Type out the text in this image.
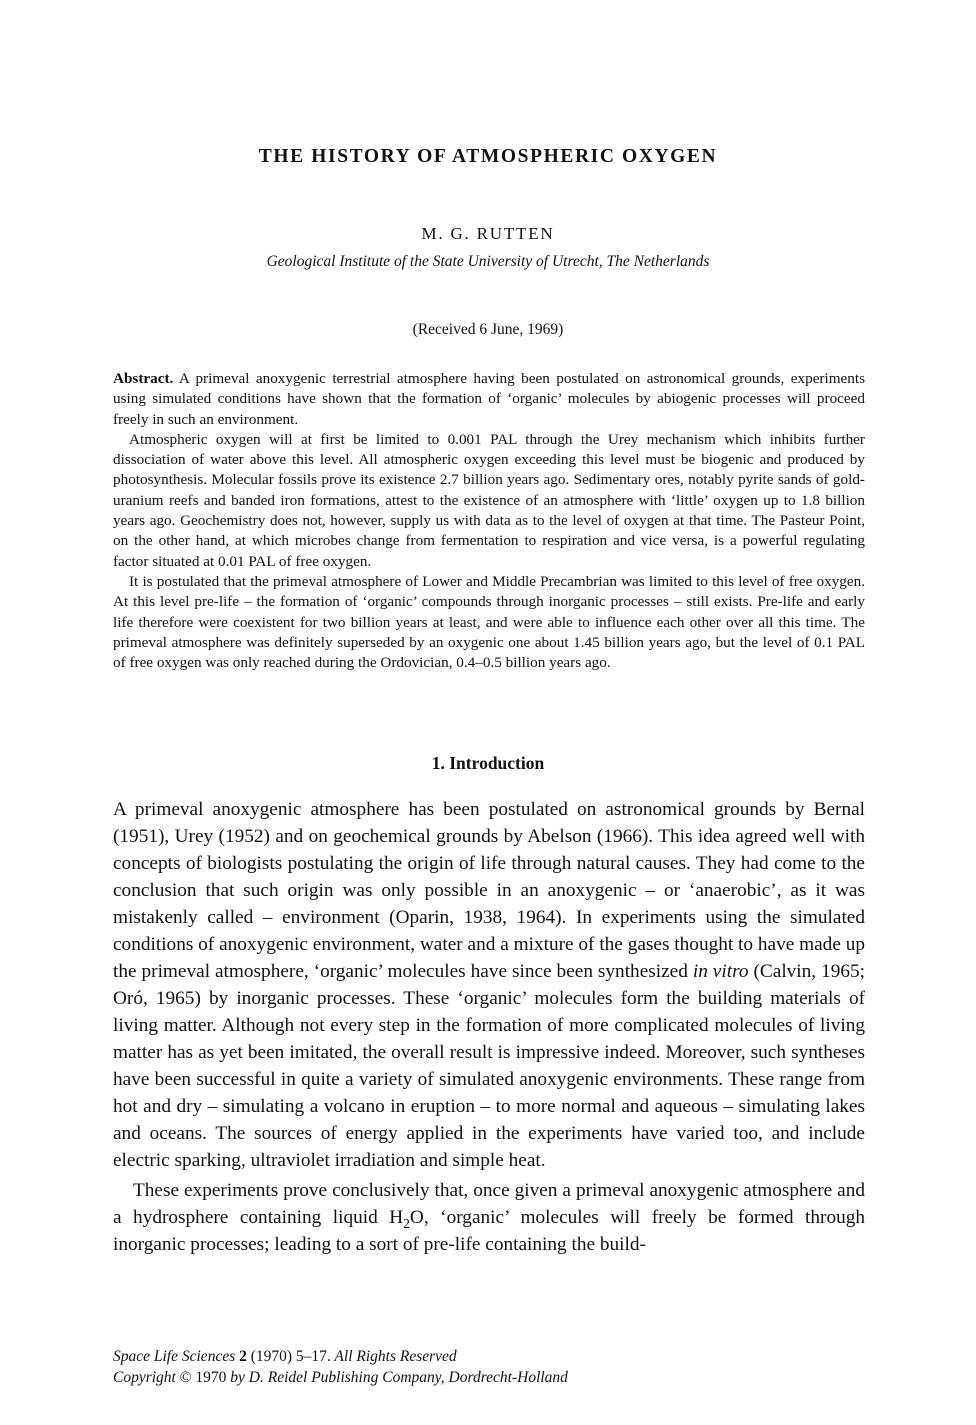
THE HISTORY OF ATMOSPHERIC OXYGEN
M. G. RUTTEN
Geological Institute of the State University of Utrecht, The Netherlands
(Received 6 June, 1969)

Abstract. A primeval anoxygenic terrestrial atmosphere having been postulated on astronomical grounds, experiments using simulated conditions have shown that the formation of ‘organic’ molecules by abiogenic processes will proceed freely in such an environment.

Atmospheric oxygen will at first be limited to 0.001 PAL through the Urey mechanism which inhibits further dissociation of water above this level. All atmospheric oxygen exceeding this level must be biogenic and produced by photosynthesis. Molecular fossils prove its existence 2.7 billion years ago. Sedimentary ores, notably pyrite sands of gold-uranium reefs and banded iron formations, attest to the existence of an atmosphere with ‘little’ oxygen up to 1.8 billion years ago. Geochemistry does not, however, supply us with data as to the level of oxygen at that time. The Pasteur Point, on the other hand, at which microbes change from fermentation to respiration and vice versa, is a powerful regulating factor situated at 0.01 PAL of free oxygen.

It is postulated that the primeval atmosphere of Lower and Middle Precambrian was limited to this level of free oxygen. At this level pre-life – the formation of ‘organic’ compounds through inorganic processes – still exists. Pre-life and early life therefore were coexistent for two billion years at least, and were able to influence each other over all this time. The primeval atmosphere was definitely superseded by an oxygenic one about 1.45 billion years ago, but the level of 0.1 PAL of free oxygen was only reached during the Ordovician, 0.4–0.5 billion years ago.

1. Introduction

A primeval anoxygenic atmosphere has been postulated on astronomical grounds by Bernal (1951), Urey (1952) and on geochemical grounds by Abelson (1966). This idea agreed well with concepts of biologists postulating the origin of life through natural causes. They had come to the conclusion that such origin was only possible in an anoxygenic – or ‘anaerobic’, as it was mistakenly called – environment (Oparin, 1938, 1964). In experiments using the simulated conditions of anoxygenic environment, water and a mixture of the gases thought to have made up the primeval atmosphere, ‘organic’ molecules have since been synthesized in vitro (Calvin, 1965; Oró, 1965) by inorganic processes. These ‘organic’ molecules form the building materials of living matter. Although not every step in the formation of more complicated molecules of living matter has as yet been imitated, the overall result is impressive indeed. Moreover, such syntheses have been successful in quite a variety of simulated anoxygenic environments. These range from hot and dry – simulating a volcano in eruption – to more normal and aqueous – simulating lakes and oceans. The sources of energy applied in the experiments have varied too, and include electric sparking, ultraviolet irradiation and simple heat.

These experiments prove conclusively that, once given a primeval anoxygenic atmosphere and a hydrosphere containing liquid $H_2O$, ‘organic’ molecules will freely be formed through inorganic processes; leading to a sort of pre-life containing the build-

Space Life Sciences 2 (1970) 5–17. All Rights Reserved
Copyright © 1970 by D. Reidel Publishing Company, Dordrecht-Holland
